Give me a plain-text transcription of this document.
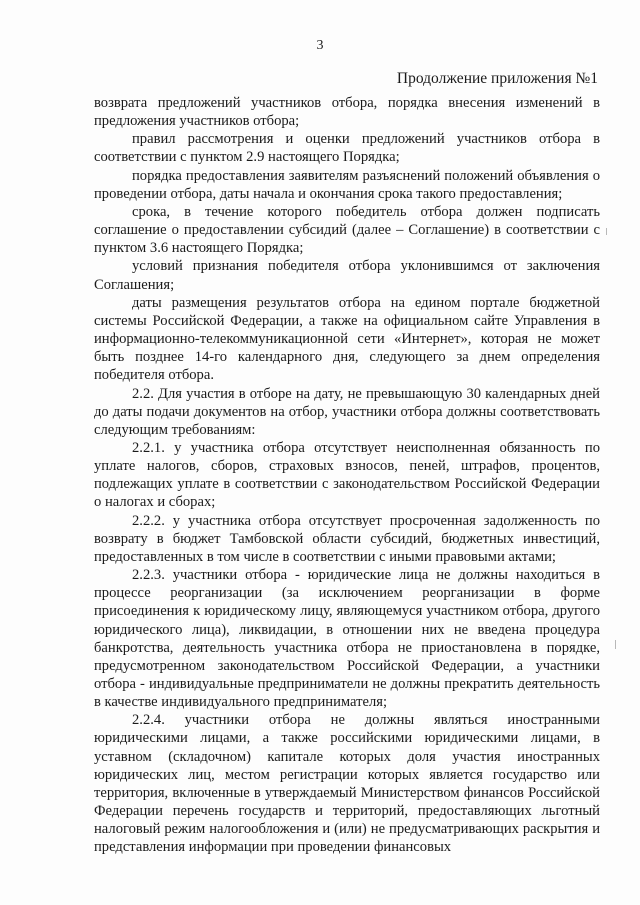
3
Продолжение приложения №1

возврата предложений участников отбора, порядка внесения изменений в предложения участников отбора;

правил рассмотрения и оценки предложений участников отбора в соответствии с пунктом 2.9 настоящего Порядка;

порядка предоставления заявителям разъяснений положений объявления о проведении отбора, даты начала и окончания срока такого предоставления;

срока, в течение которого победитель отбора должен подписать соглашение о предоставлении субсидий (далее – Соглашение) в соответствии с пунктом 3.6 настоящего Порядка;

условий признания победителя отбора уклонившимся от заключения Соглашения;

даты размещения результатов отбора на едином портале бюджетной системы Российской Федерации, а также на официальном сайте Управления в информационно-телекоммуникационной сети «Интернет», которая не может быть позднее 14-го календарного дня, следующего за днем определения победителя отбора.

2.2. Для участия в отборе на дату, не превышающую 30 календарных дней до даты подачи документов на отбор, участники отбора должны соответствовать следующим требованиям:

2.2.1. у участника отбора отсутствует неисполненная обязанность по уплате налогов, сборов, страховых взносов, пеней, штрафов, процентов, подлежащих уплате в соответствии с законодательством Российской Федерации о налогах и сборах;

2.2.2. у участника отбора отсутствует просроченная задолженность по возврату в бюджет Тамбовской области субсидий, бюджетных инвестиций, предоставленных в том числе в соответствии с иными правовыми актами;

2.2.3. участники отбора - юридические лица не должны находиться в процессе реорганизации (за исключением реорганизации в форме присоединения к юридическому лицу, являющемуся участником отбора, другого юридического лица), ликвидации, в отношении них не введена процедура банкротства, деятельность участника отбора не приостановлена в порядке, предусмотренном законодательством Российской Федерации, а участники отбора - индивидуальные предприниматели не должны прекратить деятельность в качестве индивидуального предпринимателя;

2.2.4. участники отбора не должны являться иностранными юридическими лицами, а также российскими юридическими лицами, в уставном (складочном) капитале которых доля участия иностранных юридических лиц, местом регистрации которых является государство или территория, включенные в утверждаемый Министерством финансов Российской Федерации перечень государств и территорий, предоставляющих льготный налоговый режим налогообложения и (или) не предусматривающих раскрытия и представления информации при проведении финансовых
